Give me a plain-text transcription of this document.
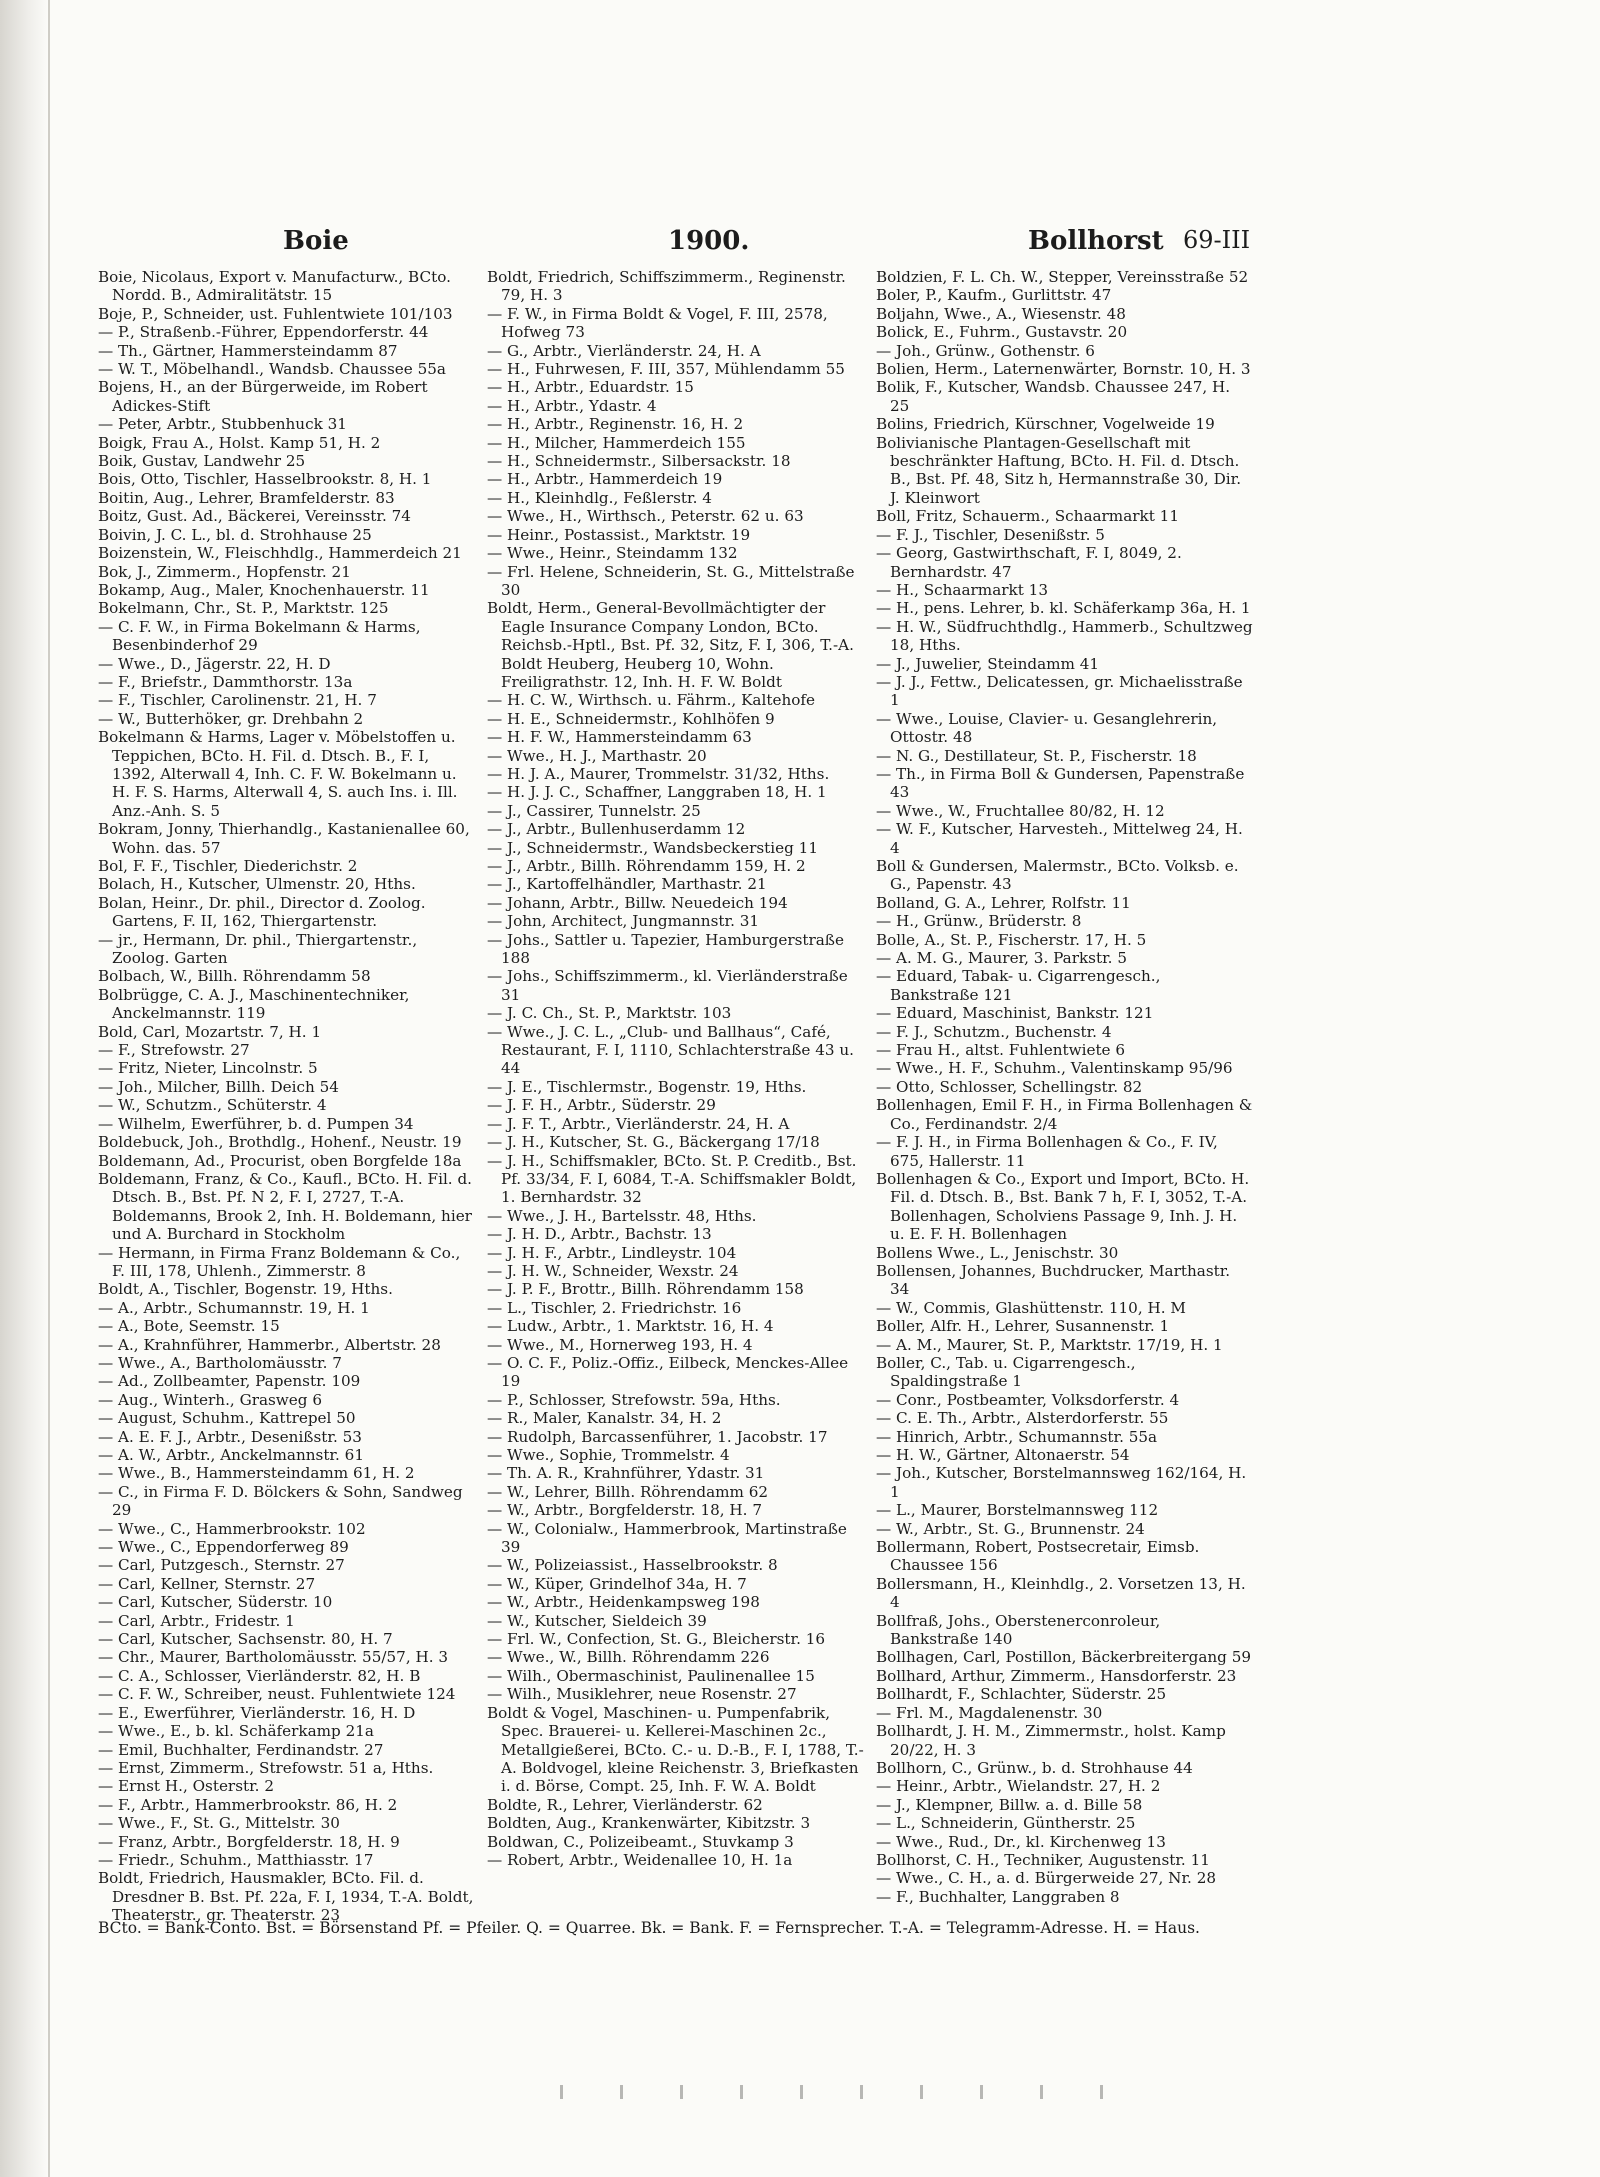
Boie	1900.	Bollhorst 69-III

Boie, Nicolaus, Export v. Manufacturw., BCto. Nordd. B., Admiralitätstr. 15

Boje, P., Schneider, ust. Fuhlentwiete 101/103

— P., Straßenb.-Führer, Eppendorferstr. 44

— Th., Gärtner, Hammersteindamm 87

— W. T., Möbelhandl., Wandsb. Chaussee 55a

Bojens, H., an der Bürgerweide, im Robert Adickes-Stift

— Peter, Arbtr., Stubbenhuck 31

Boigk, Frau A., Holst. Kamp 51, H. 2

Boik, Gustav, Landwehr 25

Bois, Otto, Tischler, Hasselbrookstr. 8, H. 1

Boitin, Aug., Lehrer, Bramfelderstr. 83

Boitz, Gust. Ad., Bäckerei, Vereinsstr. 74

Boivin, J. C. L., bl. d. Strohhause 25

Boizenstein, W., Fleischhdlg., Hammerdeich 21

Bok, J., Zimmerm., Hopfenstr. 21

Bokamp, Aug., Maler, Knochenhauerstr. 11

Bokelmann, Chr., St. P., Marktstr. 125

— C. F. W., in Firma Bokelmann & Harms, Besenbinderhof 29

— Wwe., D., Jägerstr. 22, H. D

— F., Briefstr., Dammthorstr. 13a

— F., Tischler, Carolinenstr. 21, H. 7

— W., Butterhöker, gr. Drehbahn 2

Bokelmann & Harms, Lager v. Möbelstoffen u. Teppichen, BCto. H. Fil. d. Dtsch. B., F. I, 1392, Alterwall 4, Inh. C. F. W. Bokelmann u. H. F. S. Harms, Alterwall 4, S. auch Ins. i. Ill. Anz.-Anh. S. 5

Bokram, Jonny, Thierhandlg., Kastanienallee 60, Wohn. das. 57

Bol, F. F., Tischler, Diederichstr. 2

Bolach, H., Kutscher, Ulmenstr. 20, Hths.

Bolan, Heinr., Dr. phil., Director d. Zoolog. Gartens, F. II, 162, Thiergartenstr.

— jr., Hermann, Dr. phil., Thiergartenstr., Zoolog. Garten

Bolbach, W., Billh. Röhrendamm 58

Bolbrügge, C. A. J., Maschinentechniker, Anckelmannstr. 119

Bold, Carl, Mozartstr. 7, H. 1

— F., Strefowstr. 27

— Fritz, Nieter, Lincolnstr. 5

— Joh., Milcher, Billh. Deich 54

— W., Schutzm., Schüterstr. 4

— Wilhelm, Ewerführer, b. d. Pumpen 34

Boldebuck, Joh., Brothdlg., Hohenf., Neustr. 19

Boldemann, Ad., Procurist, oben Borgfelde 18a

Boldemann, Franz, & Co., Kaufl., BCto. H. Fil. d. Dtsch. B., Bst. Pf. N 2, F. I, 2727, T.-A. Boldemanns, Brook 2, Inh. H. Boldemann, hier und A. Burchard in Stockholm

— Hermann, in Firma Franz Boldemann & Co., F. III, 178, Uhlenh., Zimmerstr. 8

Boldt, A., Tischler, Bogenstr. 19, Hths.

— A., Arbtr., Schumannstr. 19, H. 1

— A., Bote, Seemstr. 15

— A., Krahnführer, Hammerbr., Albertstr. 28

— Wwe., A., Bartholomäusstr. 7

— Ad., Zollbeamter, Papenstr. 109

— Aug., Winterh., Grasweg 6

— August, Schuhm., Kattrepel 50

— A. E. F. J., Arbtr., Desenißstr. 53

— A. W., Arbtr., Anckelmannstr. 61

— Wwe., B., Hammersteindamm 61, H. 2

— C., in Firma F. D. Bölckers & Sohn, Sandweg 29

— Wwe., C., Hammerbrookstr. 102

— Wwe., C., Eppendorferweg 89

— Carl, Putzgesch., Sternstr. 27

— Carl, Kellner, Sternstr. 27

— Carl, Kutscher, Süderstr. 10

— Carl, Arbtr., Fridestr. 1

— Carl, Kutscher, Sachsenstr. 80, H. 7

— Chr., Maurer, Bartholomäusstr. 55/57, H. 3

— C. A., Schlosser, Vierländerstr. 82, H. B

— C. F. W., Schreiber, neust. Fuhlentwiete 124

— E., Ewerführer, Vierländerstr. 16, H. D

— Wwe., E., b. kl. Schäferkamp 21a

— Emil, Buchhalter, Ferdinandstr. 27

— Ernst, Zimmerm., Strefowstr. 51 a, Hths.

— Ernst H., Osterstr. 2

— F., Arbtr., Hammerbrookstr. 86, H. 2

— Wwe., F., St. G., Mittelstr. 30

— Franz, Arbtr., Borgfelderstr. 18, H. 9

— Friedr., Schuhm., Matthiasstr. 17

Boldt, Friedrich, Hausmakler, BCto. Fil. d. Dresdner B. Bst. Pf. 22a, F. I, 1934, T.-A. Boldt, Theaterstr., gr. Theaterstr. 23

Boldt, Friedrich, Schiffszimmerm., Reginenstr. 79, H. 3

— F. W., in Firma Boldt & Vogel, F. III, 2578, Hofweg 73

— G., Arbtr., Vierländerstr. 24, H. A

— H., Fuhrwesen, F. III, 357, Mühlendamm 55

— H., Arbtr., Eduardstr. 15

— H., Arbtr., Ydastr. 4

— H., Arbtr., Reginenstr. 16, H. 2

— H., Milcher, Hammerdeich 155

— H., Schneidermstr., Silbersackstr. 18

— H., Arbtr., Hammerdeich 19

— H., Kleinhdlg., Feßlerstr. 4

— Wwe., H., Wirthsch., Peterstr. 62 u. 63

— Heinr., Postassist., Marktstr. 19

— Wwe., Heinr., Steindamm 132

— Frl. Helene, Schneiderin, St. G., Mittelstraße 30

Boldt, Herm., General-Bevollmächtigter der Eagle Insurance Company London, BCto. Reichsb.-Hptl., Bst. Pf. 32, Sitz, F. I, 306, T.-A. Boldt Heuberg, Heuberg 10, Wohn. Freiligrathstr. 12, Inh. H. F. W. Boldt

— H. C. W., Wirthsch. u. Fährm., Kaltehofe

— H. E., Schneidermstr., Kohlhöfen 9

— H. F. W., Hammersteindamm 63

— Wwe., H. J., Marthastr. 20

— H. J. A., Maurer, Trommelstr. 31/32, Hths.

— H. J. J. C., Schaffner, Langgraben 18, H. 1

— J., Cassirer, Tunnelstr. 25

— J., Arbtr., Bullenhuserdamm 12

— J., Schneidermstr., Wandsbeckerstieg 11

— J., Arbtr., Billh. Röhrendamm 159, H. 2

— J., Kartoffelhändler, Marthastr. 21

— Johann, Arbtr., Billw. Neuedeich 194

— John, Architect, Jungmannstr. 31

— Johs., Sattler u. Tapezier, Hamburgerstraße 188

— Johs., Schiffszimmerm., kl. Vierländerstraße 31

— J. C. Ch., St. P., Marktstr. 103

— Wwe., J. C. L., „Club- und Ballhaus“, Café, Restaurant, F. I, 1110, Schlachterstraße 43 u. 44

— J. E., Tischlermstr., Bogenstr. 19, Hths.

— J. F. H., Arbtr., Süderstr. 29

— J. F. T., Arbtr., Vierländerstr. 24, H. A

— J. H., Kutscher, St. G., Bäckergang 17/18

— J. H., Schiffsmakler, BCto. St. P. Creditb., Bst. Pf. 33/34, F. I, 6084, T.-A. Schiffsmakler Boldt, 1. Bernhardstr. 32

— Wwe., J. H., Bartelsstr. 48, Hths.

— J. H. D., Arbtr., Bachstr. 13

— J. H. F., Arbtr., Lindleystr. 104

— J. H. W., Schneider, Wexstr. 24

— J. P. F., Brottr., Billh. Röhrendamm 158

— L., Tischler, 2. Friedrichstr. 16

— Ludw., Arbtr., 1. Marktstr. 16, H. 4

— Wwe., M., Hornerweg 193, H. 4

— O. C. F., Poliz.-Offiz., Eilbeck, Menckes-Allee 19

— P., Schlosser, Strefowstr. 59a, Hths.

— R., Maler, Kanalstr. 34, H. 2

— Rudolph, Barcassenführer, 1. Jacobstr. 17

— Wwe., Sophie, Trommelstr. 4

— Th. A. R., Krahnführer, Ydastr. 31

— W., Lehrer, Billh. Röhrendamm 62

— W., Arbtr., Borgfelderstr. 18, H. 7

— W., Colonialw., Hammerbrook, Martinstraße 39

— W., Polizeiassist., Hasselbrookstr. 8

— W., Küper, Grindelhof 34a, H. 7

— W., Arbtr., Heidenkampsweg 198

— W., Kutscher, Sieldeich 39

— Frl. W., Confection, St. G., Bleicherstr. 16

— Wwe., W., Billh. Röhrendamm 226

— Wilh., Obermaschinist, Paulinenallee 15

— Wilh., Musiklehrer, neue Rosenstr. 27

Boldt & Vogel, Maschinen- u. Pumpenfabrik, Spec. Brauerei- u. Kellerei-Maschinen 2c., Metallgießerei, BCto. C.- u. D.-B., F. I, 1788, T.-A. Boldvogel, kleine Reichenstr. 3, Briefkasten i. d. Börse, Compt. 25, Inh. F. W. A. Boldt

Boldte, R., Lehrer, Vierländerstr. 62

Boldten, Aug., Krankenwärter, Kibitzstr. 3

Boldwan, C., Polizeibeamt., Stuvkamp 3

— Robert, Arbtr., Weidenallee 10, H. 1a

Boldzien, F. L. Ch. W., Stepper, Vereinsstraße 52

Boler, P., Kaufm., Gurlittstr. 47

Boljahn, Wwe., A., Wiesenstr. 48

Bolick, E., Fuhrm., Gustavstr. 20

— Joh., Grünw., Gothenstr. 6

Bolien, Herm., Laternenwärter, Bornstr. 10, H. 3

Bolik, F., Kutscher, Wandsb. Chaussee 247, H. 25

Bolins, Friedrich, Kürschner, Vogelweide 19

Bolivianische Plantagen-Gesellschaft mit beschränkter Haftung, BCto. H. Fil. d. Dtsch. B., Bst. Pf. 48, Sitz h, Hermannstraße 30, Dir. J. Kleinwort

Boll, Fritz, Schauerm., Schaarmarkt 11

— F. J., Tischler, Desenißstr. 5

— Georg, Gastwirthschaft, F. I, 8049, 2. Bernhardstr. 47

— H., Schaarmarkt 13

— H., pens. Lehrer, b. kl. Schäferkamp 36a, H. 1

— H. W., Südfruchthdlg., Hammerb., Schultzweg 18, Hths.

— J., Juwelier, Steindamm 41

— J. J., Fettw., Delicatessen, gr. Michaelisstraße 1

— Wwe., Louise, Clavier- u. Gesanglehrerin, Ottostr. 48

— N. G., Destillateur, St. P., Fischerstr. 18

— Th., in Firma Boll & Gundersen, Papenstraße 43

— Wwe., W., Fruchtallee 80/82, H. 12

— W. F., Kutscher, Harvesteh., Mittelweg 24, H. 4

Boll & Gundersen, Malermstr., BCto. Volksb. e. G., Papenstr. 43

Bolland, G. A., Lehrer, Rolfstr. 11

— H., Grünw., Brüderstr. 8

Bolle, A., St. P., Fischerstr. 17, H. 5

— A. M. G., Maurer, 3. Parkstr. 5

— Eduard, Tabak- u. Cigarrengesch., Bankstraße 121

— Eduard, Maschinist, Bankstr. 121

— F. J., Schutzm., Buchenstr. 4

— Frau H., altst. Fuhlentwiete 6

— Wwe., H. F., Schuhm., Valentinskamp 95/96

— Otto, Schlosser, Schellingstr. 82

Bollenhagen, Emil F. H., in Firma Bollenhagen & Co., Ferdinandstr. 2/4

— F. J. H., in Firma Bollenhagen & Co., F. IV, 675, Hallerstr. 11

Bollenhagen & Co., Export und Import, BCto. H. Fil. d. Dtsch. B., Bst. Bank 7 h, F. I, 3052, T.-A. Bollenhagen, Scholviens Passage 9, Inh. J. H. u. E. F. H. Bollenhagen

Bollens Wwe., L., Jenischstr. 30

Bollensen, Johannes, Buchdrucker, Marthastr. 34

— W., Commis, Glashüttenstr. 110, H. M

Boller, Alfr. H., Lehrer, Susannenstr. 1

— A. M., Maurer, St. P., Marktstr. 17/19, H. 1

Boller, C., Tab. u. Cigarrengesch., Spaldingstraße 1

— Conr., Postbeamter, Volksdorferstr. 4

— C. E. Th., Arbtr., Alsterdorferstr. 55

— Hinrich, Arbtr., Schumannstr. 55a

— H. W., Gärtner, Altonaerstr. 54

— Joh., Kutscher, Borstelmannsweg 162/164, H. 1

— L., Maurer, Borstelmannsweg 112

— W., Arbtr., St. G., Brunnenstr. 24

Bollermann, Robert, Postsecretair, Eimsb. Chaussee 156

Bollersmann, H., Kleinhdlg., 2. Vorsetzen 13, H. 4

Bollfraß, Johs., Oberstenerconroleur, Bankstraße 140

Bollhagen, Carl, Postillon, Bäckerbreitergang 59

Bollhard, Arthur, Zimmerm., Hansdorferstr. 23

Bollhardt, F., Schlachter, Süderstr. 25

— Frl. M., Magdalenenstr. 30

Bollhardt, J. H. M., Zimmermstr., holst. Kamp 20/22, H. 3

Bollhorn, C., Grünw., b. d. Strohhause 44

— Heinr., Arbtr., Wielandstr. 27, H. 2

— J., Klempner, Billw. a. d. Bille 58

— L., Schneiderin, Güntherstr. 25

— Wwe., Rud., Dr., kl. Kirchenweg 13

Bollhorst, C. H., Techniker, Augustenstr. 11

— Wwe., C. H., a. d. Bürgerweide 27, Nr. 28

— F., Buchhalter, Langgraben 8

BCto. = Bank-Conto. Bst. = Börsenstand Pf. = Pfeiler. Q. = Quarree. Bk. = Bank. F. = Fernsprecher. T.-A. = Telegramm-Adresse. H. = Haus.
